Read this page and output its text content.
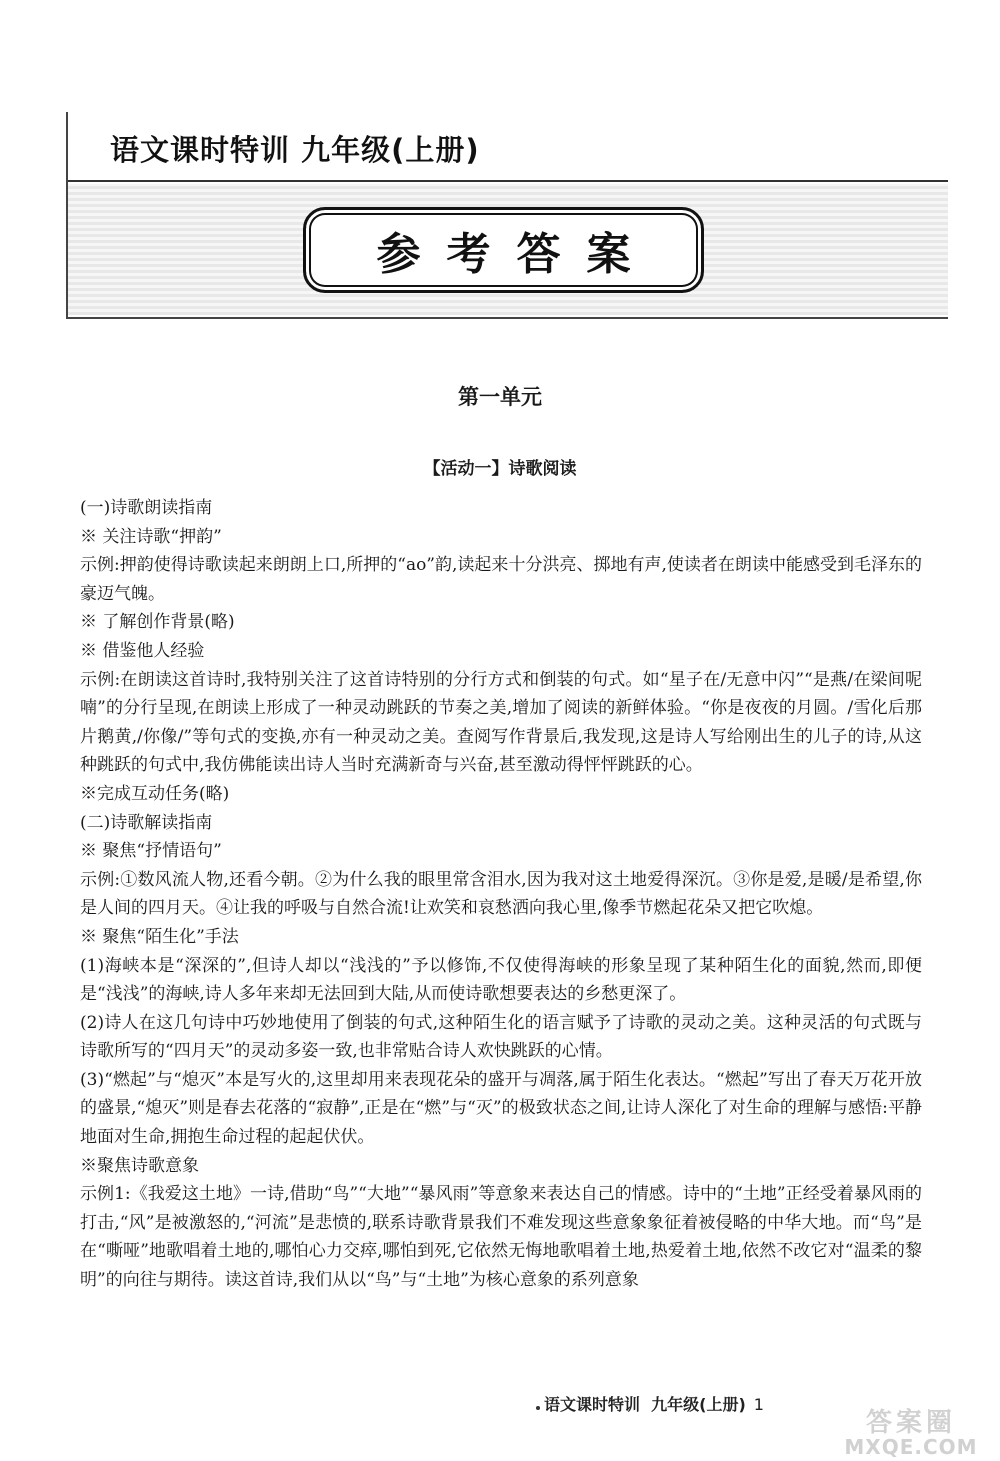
语文课时特训 九年级(上册)
参考答案
第一单元
【活动一】诗歌阅读

(一)诗歌朗读指南

※ 关注诗歌“押韵”

示例:押韵使得诗歌读起来朗朗上口,所押的“ao”韵,读起来十分洪亮、掷地有声,使读者在朗读中能感受到毛泽东的豪迈气魄。

※ 了解创作背景(略)

※ 借鉴他人经验

示例:在朗读这首诗时,我特别关注了这首诗特别的分行方式和倒装的句式。如“星子在/无意中闪”“是燕/在梁间呢喃”的分行呈现,在朗读上形成了一种灵动跳跃的节奏之美,增加了阅读的新鲜体验。“你是夜夜的月圆。/雪化后那片鹅黄,/你像/”等句式的变换,亦有一种灵动之美。查阅写作背景后,我发现,这是诗人写给刚出生的儿子的诗,从这种跳跃的句式中,我仿佛能读出诗人当时充满新奇与兴奋,甚至激动得怦怦跳跃的心。

※完成互动任务(略)

(二)诗歌解读指南

※ 聚焦“抒情语句”

示例:①数风流人物,还看今朝。②为什么我的眼里常含泪水,因为我对这土地爱得深沉。③你是爱,是暖/是希望,你是人间的四月天。④让我的呼吸与自然合流!让欢笑和哀愁洒向我心里,像季节燃起花朵又把它吹熄。

※ 聚焦“陌生化”手法

(1)海峡本是“深深的”,但诗人却以“浅浅的”予以修饰,不仅使得海峡的形象呈现了某种陌生化的面貌,然而,即便是“浅浅”的海峡,诗人多年来却无法回到大陆,从而使诗歌想要表达的乡愁更深了。

(2)诗人在这几句诗中巧妙地使用了倒装的句式,这种陌生化的语言赋予了诗歌的灵动之美。这种灵活的句式既与诗歌所写的“四月天”的灵动多姿一致,也非常贴合诗人欢快跳跃的心情。

(3)“燃起”与“熄灭”本是写火的,这里却用来表现花朵的盛开与凋落,属于陌生化表达。“燃起”写出了春天万花开放的盛景,“熄灭”则是春去花落的“寂静”,正是在“燃”与“灭”的极致状态之间,让诗人深化了对生命的理解与感悟:平静地面对生命,拥抱生命过程的起起伏伏。

※聚焦诗歌意象

示例1:《我爱这土地》一诗,借助“鸟”“大地”“暴风雨”等意象来表达自己的情感。诗中的“土地”正经受着暴风雨的打击,“风”是被激怒的,“河流”是悲愤的,联系诗歌背景我们不难发现这些意象象征着被侵略的中华大地。而“鸟”是在“嘶哑”地歌唱着土地的,哪怕心力交瘁,哪怕到死,它依然无悔地歌唱着土地,热爱着土地,依然不改它对“温柔的黎明”的向往与期待。读这首诗,我们从以“鸟”与“土地”为核心意象的系列意象

语文课时特训  九年级(上册) 1
答案圈
MXQE.COM
